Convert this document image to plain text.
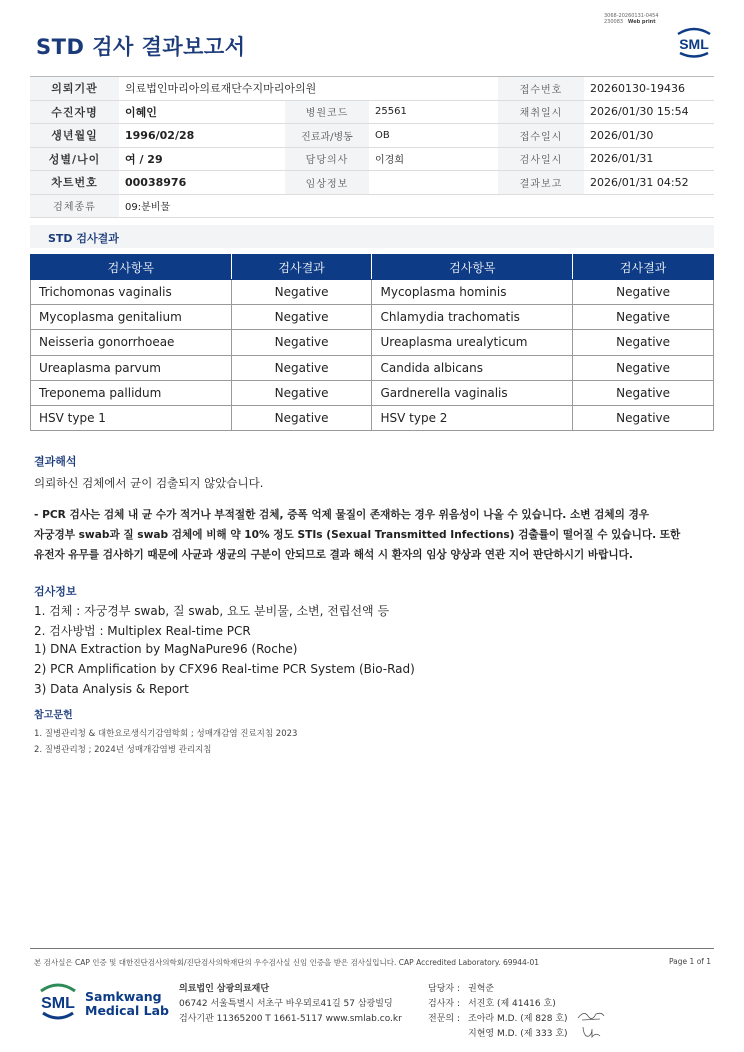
3068-20260131-0454
230083 Web print
STD 검사 결과보고서	SML
의뢰기관	의료법인마리아의료재단수지마리아의원			접수번호	20260130-19436
수진자명	이혜인	병원코드	25561	채취일시	2026/01/30 15:54
생년월일	1996/02/28	진료과/병동	OB	접수일시	2026/01/30
성별/나이	여 / 29	담당의사	이경희	검사일시	2026/01/31
차트번호	00038976	임상정보		결과보고	2026/01/31 04:52
검체종류	09:분비물				
STD 검사결과
검사항목	검사결과	검사항목	검사결과
Trichomonas vaginalis	Negative	Mycoplasma hominis	Negative
Mycoplasma genitalium	Negative	Chlamydia trachomatis	Negative
Neisseria gonorrhoeae	Negative	Ureaplasma urealyticum	Negative
Ureaplasma parvum	Negative	Candida albicans	Negative
Treponema pallidum	Negative	Gardnerella vaginalis	Negative
HSV type 1	Negative	HSV type 2	Negative
결과해석
의뢰하신 검체에서 균이 검출되지 않았습니다.
- PCR 검사는 검체 내 균 수가 적거나 부적절한 검체, 증폭 억제 물질이 존재하는 경우 위음성이 나올 수 있습니다. 소변 검체의 경우
자궁경부 swab과 질 swab 검체에 비해 약 10% 정도 STIs (Sexual Transmitted Infections) 검출률이 떨어질 수 있습니다. 또한
유전자 유무를 검사하기 때문에 사균과 생균의 구분이 안되므로 결과 해석 시 환자의 임상 양상과 연관 지어 판단하시기 바랍니다.
검사정보
1. 검체 : 자궁경부 swab, 질 swab, 요도 분비물, 소변, 전립선액 등
2. 검사방법 : Multiplex Real-time PCR
1) DNA Extraction by MagNaPure96 (Roche)
2) PCR Amplification by CFX96 Real-time PCR System (Bio-Rad)
3) Data Analysis & Report
참고문헌
1. 질병관리청 & 대한요로생식기감염학회 ; 성매개감염 진료지침 2023
2. 질병관리청 ; 2024년 성매개감염병 관리지침
본 검사실은 CAP 인증 및 대한진단검사의학회/진단검사의학재단의 우수검사실 신임 인증을 받은 검사실입니다. CAP Accredited Laboratory. 69944-01	Page 1 of 1
SML Samkwang
Medical Lab
의료법인 삼광의료재단
06742 서울특별시 서초구 바우뫼로41길 57 삼광빌딩
검사기관 11365200 T 1661-5117 www.smlab.co.kr
담당자 : 권혁준
검사자 : 서진호 (제 41416 호)
전문의 : 조아라 M.D. (제 828 호)
지현영 M.D. (제 333 호)
